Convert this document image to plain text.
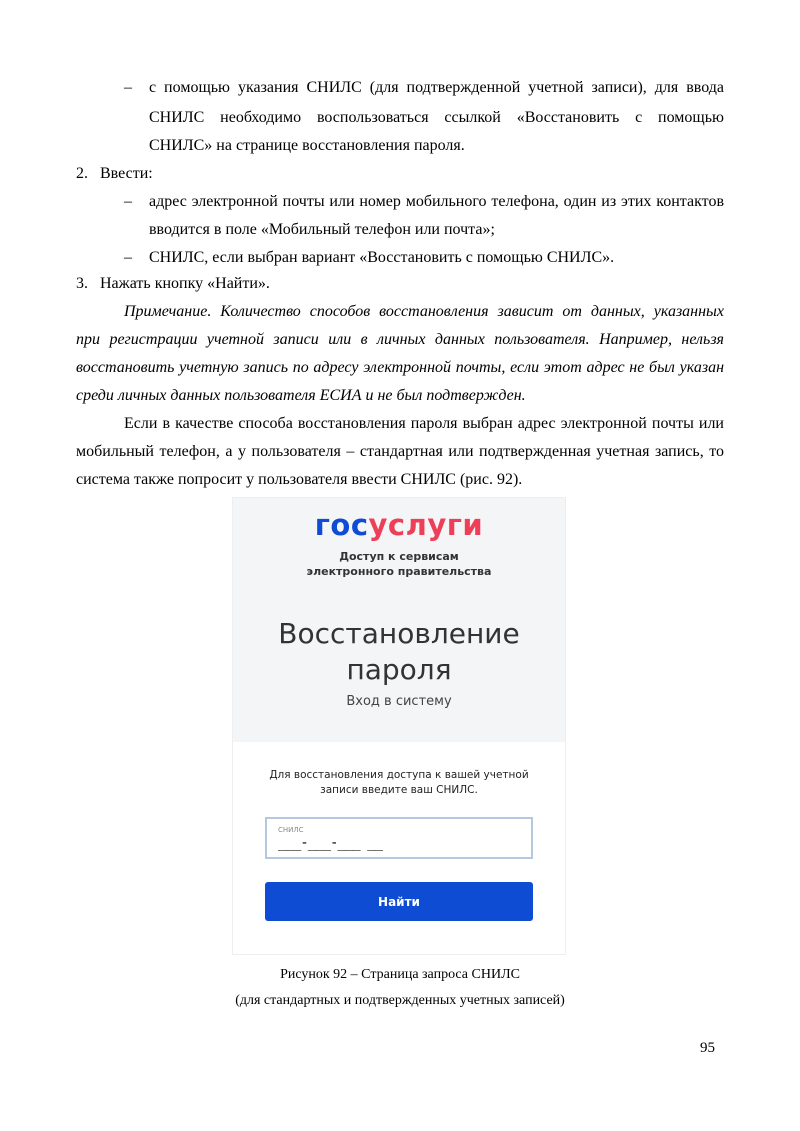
– с помощью указания СНИЛС (для подтвержденной учетной записи), для ввода
СНИЛС необходимо воспользоваться ссылкой «Восстановить с помощью
СНИЛС» на странице восстановления пароля.
2. Ввести:
– адрес электронной почты или номер мобильного телефона, один из этих контактов
вводится в поле «Мобильный телефон или почта»;
– СНИЛС, если выбран вариант «Восстановить с помощью СНИЛС».
3. Нажать кнопку «Найти».
Примечание. Количество способов восстановления зависит от данных, указанных
при регистрации учетной записи или в личных данных пользователя. Например, нельзя
восстановить учетную запись по адресу электронной почты, если этот адрес не был указан
среди личных данных пользователя ЕСИА и не был подтвержден.
Если в качестве способа восстановления пароля выбран адрес электронной почты или
мобильный телефон, а у пользователя – стандартная или подтвержденная учетная запись, то
система также попросит у пользователя ввести СНИЛС (рис. 92).
госуслуги
Доступ к сервисам
электронного правительства
Восстановление
пароля
Вход в систему
Для восстановления доступа к вашей учетной
записи введите ваш СНИЛС.
СНИЛС
___-___-___ __
Найти
Рисунок 92 – Страница запроса СНИЛС
(для стандартных и подтвержденных учетных записей)
95
